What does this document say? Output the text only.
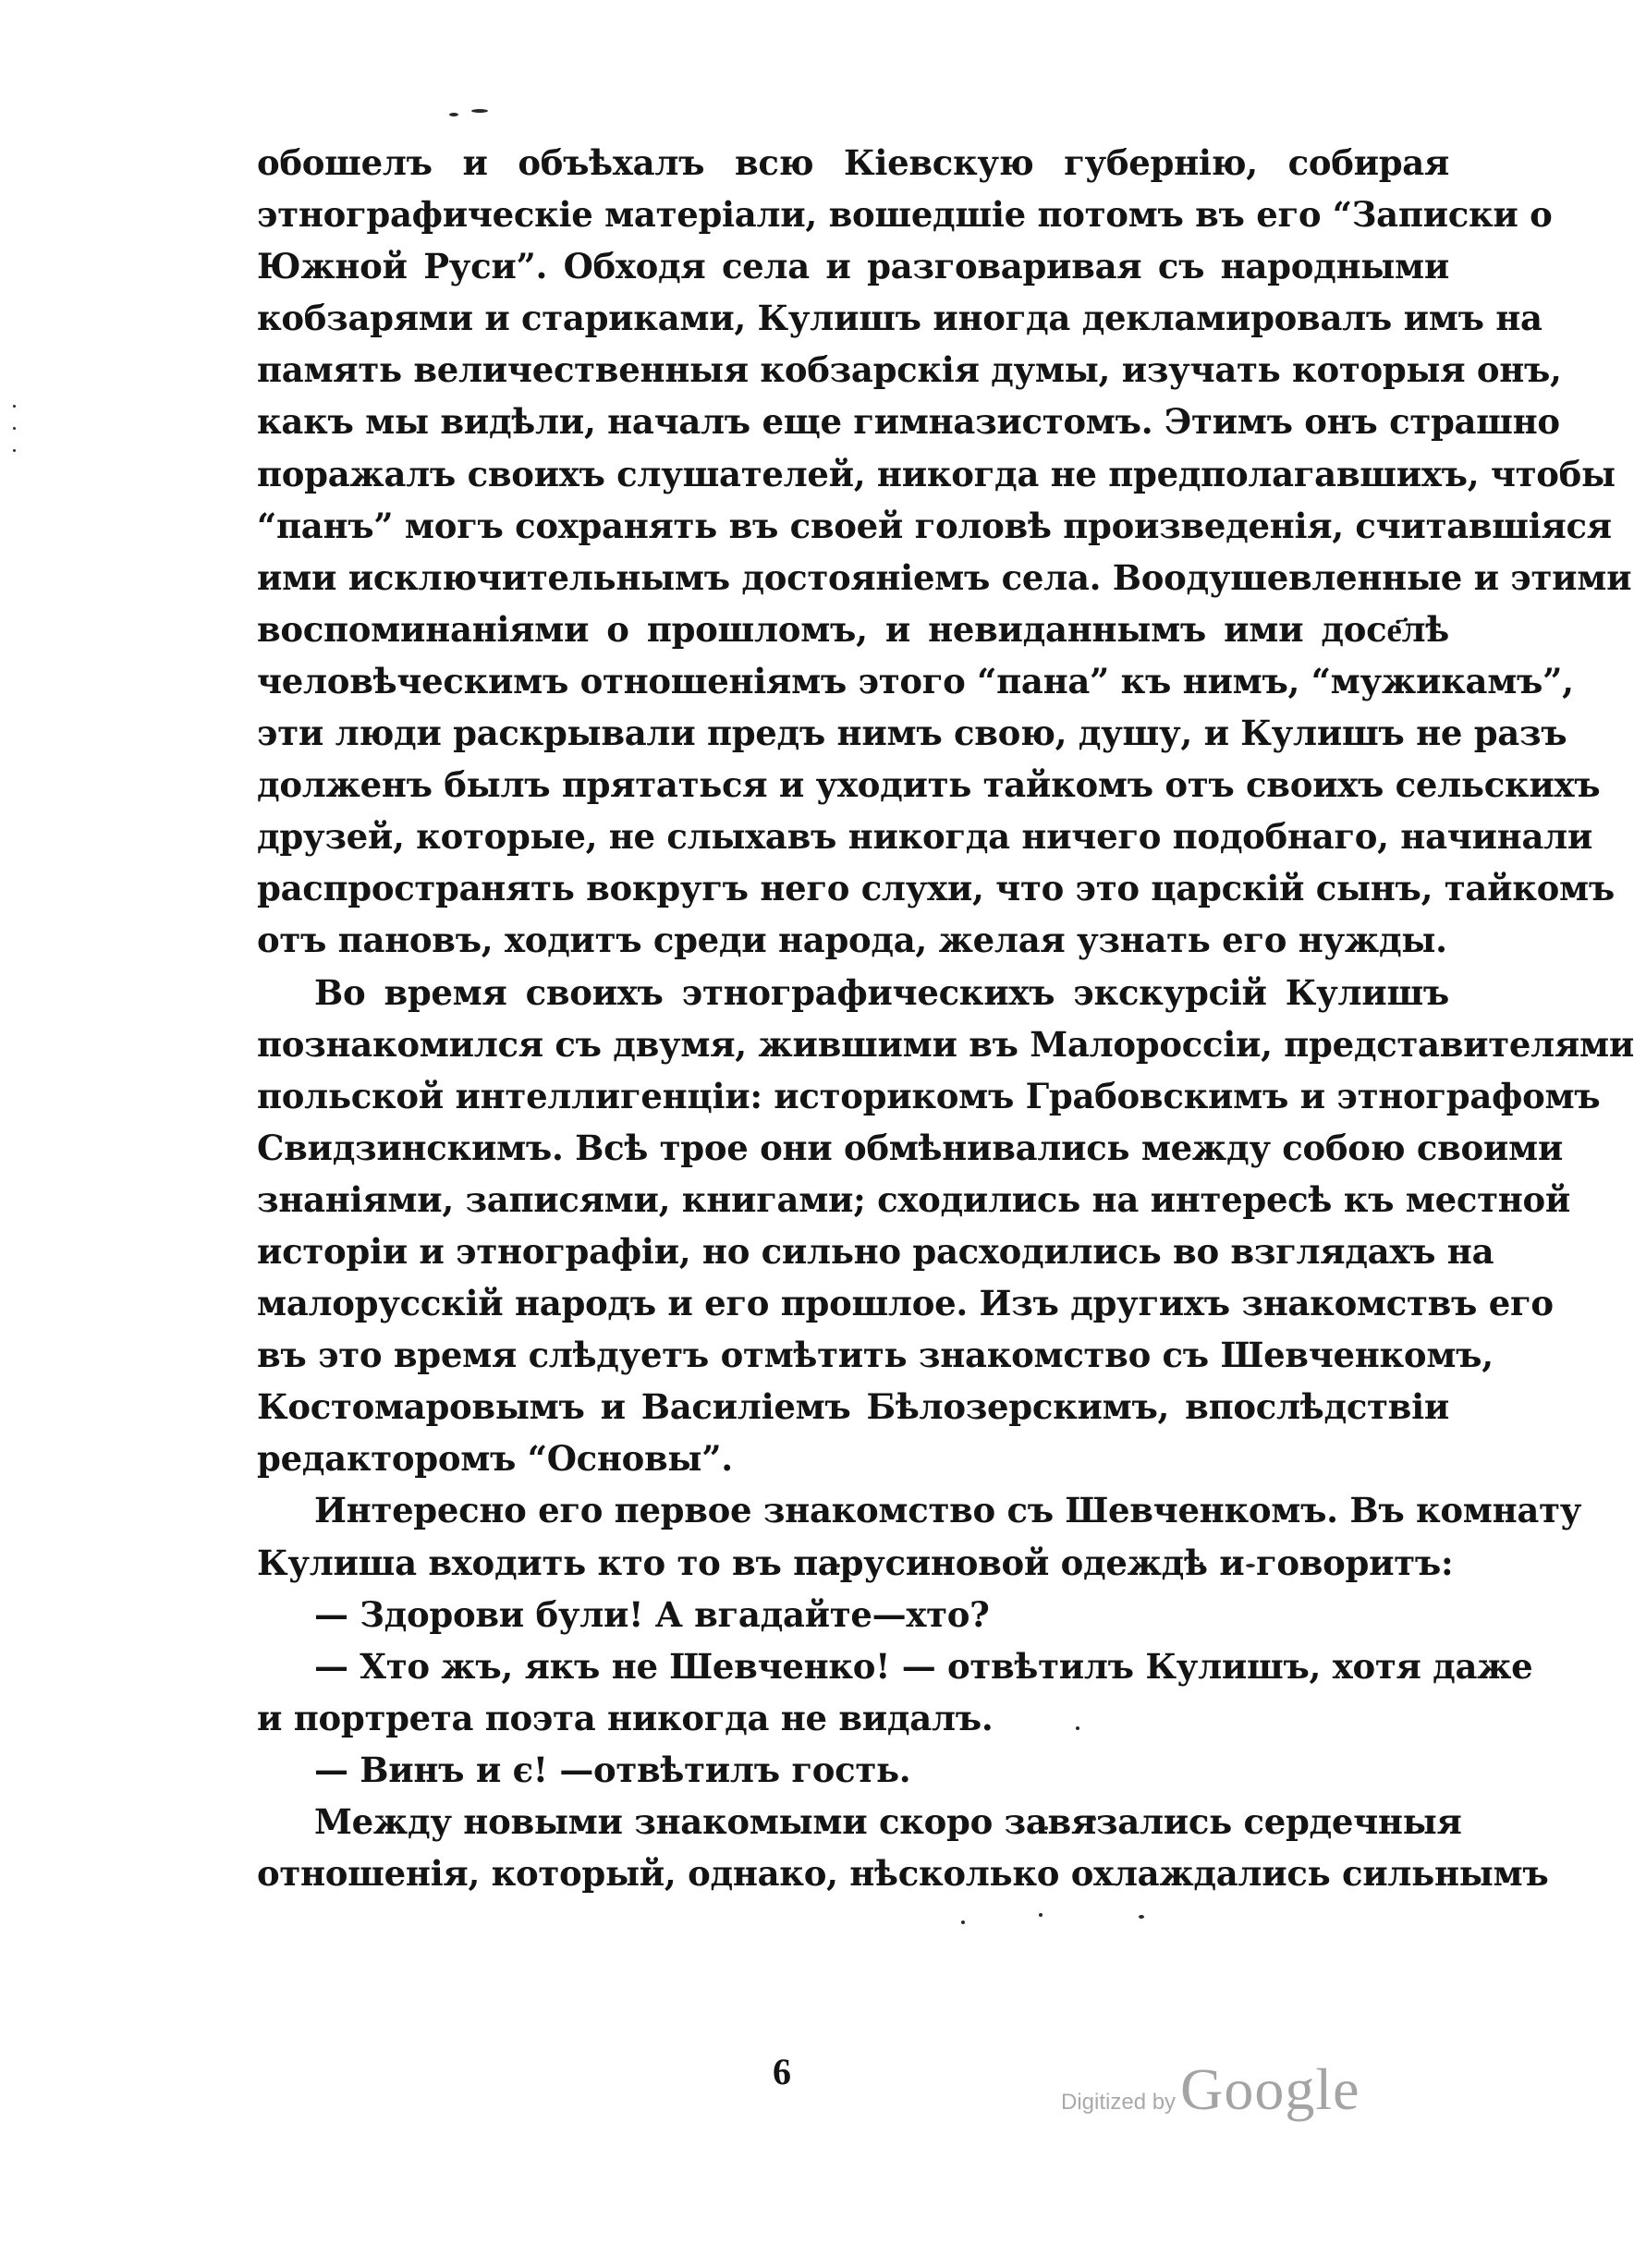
обошелъ и объѣхалъ всю Кіевскую губернію, собирая
этнографическіе матеріали, вошедшіе потомъ въ его “Записки о
Южной Руси”. Обходя села и разговаривая съ народными
кобзарями и стариками, Кулишъ иногда декламировалъ имъ на
память величественныя кобзарскія думы, изучать которыя онъ,
какъ мы видѣли, началъ еще гимназистомъ. Этимъ онъ страшно
поражалъ своихъ слушателей, никогда не предполагавшихъ, чтобы
“панъ” могъ сохранять въ своей головѣ произведенія, считавшіяся
ими исключительнымъ достояніемъ села. Воодушевленные и этими
воспоминаніями о прошломъ, и невиданнымъ ими досе҃лѣ
человѣческимъ отношеніямъ этого “пана” къ нимъ, “мужикамъ”,
эти люди раскрывали предъ нимъ свою, душу, и Кулишъ не разъ
долженъ былъ прятаться и уходить тайкомъ отъ своихъ сельскихъ
друзей, которые, не слыхавъ никогда ничего подобнаго, начинали
распространять вокругъ него слухи, что это царскій сынъ, тайкомъ
отъ пановъ, ходитъ среди народа, желая узнать его нужды.
Во время своихъ этнографическихъ экскурсій Кулишъ
познакомился съ двумя, жившими въ Малороссіи, представителями
польской интеллигенціи: историкомъ Грабовскимъ и этнографомъ
Свидзинскимъ. Всѣ трое они обмѣнивались между собою своими
знаніями, записями, книгами; сходились на интересѣ къ местной
исторіи и этнографіи, но сильно расходились во взглядахъ на
малорусскій народъ и его прошлое. Изъ другихъ знакомствъ его
въ это время слѣдуетъ отмѣтить знакомство съ Шевченкомъ,
Костомаровымъ и Василіемъ Бѣлозерскимъ, впослѣдствіи
редакторомъ “Основы”.
Интересно его первое знакомство съ Шевченкомъ. Въ комнату
Кулиша входить кто то въ парусиновой одеждѣ и говоритъ:
— Здорови були! А вгадайте—хто?
— Хто жъ, якъ не Шевченко! — отвѣтилъ Кулишъ, хотя даже
и портрета поэта никогда не видалъ.
— Винъ и є! —отвѣтилъ гость.
Между новыми знакомыми скоро завязались сердечныя
отношенія, который, однако, нѣсколько охлаждались сильнымъ
6
Digitized by Google
